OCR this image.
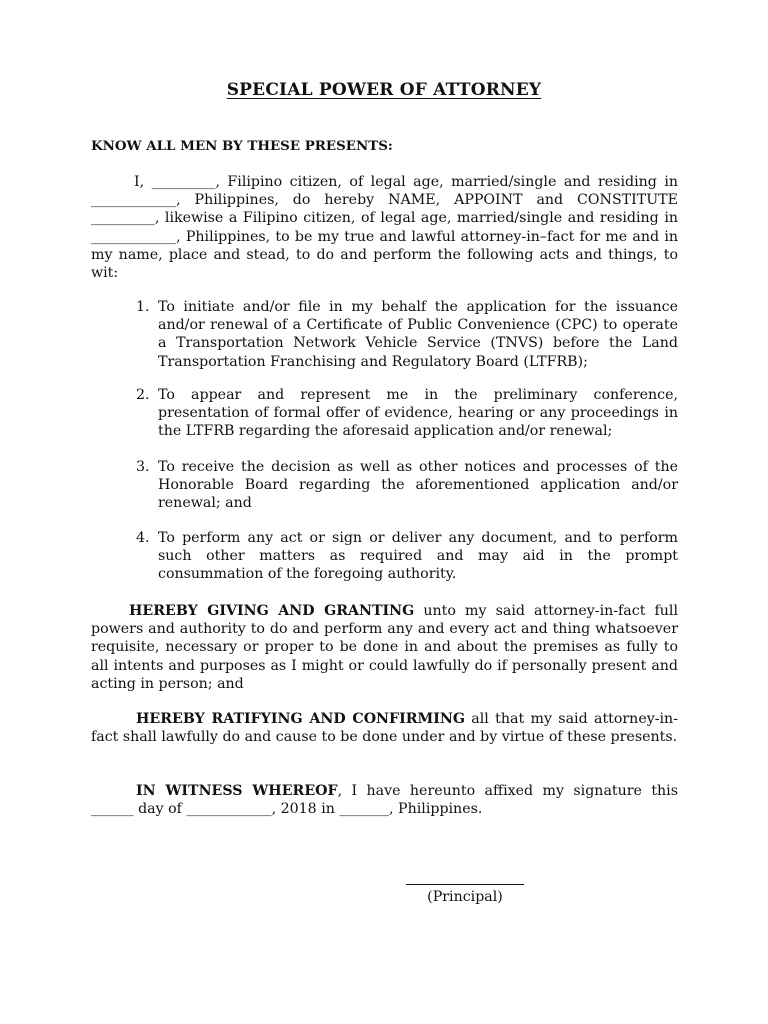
SPECIAL POWER OF ATTORNEY
KNOW ALL MEN BY THESE PRESENTS:
I, _________, Filipino citizen, of legal age, married/single and residing in ____________, Philippines, do hereby NAME, APPOINT and CONSTITUTE _________, likewise a Filipino citizen, of legal age, married/single and residing in ____________, Philippines, to be my true and lawful attorney-in–fact for me and in my name, place and stead, to do and perform the following acts and things, to wit:
1. To initiate and/or file in my behalf the application for the issuance and/or renewal of a Certificate of Public Convenience (CPC) to operate a Transportation Network Vehicle Service (TNVS) before the Land Transportation Franchising and Regulatory Board (LTFRB);
2. To appear and represent me in the preliminary conference, presentation of formal offer of evidence, hearing or any proceedings in the LTFRB regarding the aforesaid application and/or renewal;
3. To receive the decision as well as other notices and processes of the Honorable Board regarding the aforementioned application and/or renewal; and
4. To perform any act or sign or deliver any document, and to perform such other matters as required and may aid in the prompt consummation of the foregoing authority.
HEREBY GIVING AND GRANTING unto my said attorney-in-fact full powers and authority to do and perform any and every act and thing whatsoever requisite, necessary or proper to be done in and about the premises as fully to all intents and purposes as I might or could lawfully do if personally present and acting in person; and
HEREBY RATIFYING AND CONFIRMING all that my said attorney-in-fact shall lawfully do and cause to be done under and by virtue of these presents.
IN WITNESS WHEREOF, I have hereunto affixed my signature this ______ day of ____________, 2018 in _______, Philippines.
(Principal)
